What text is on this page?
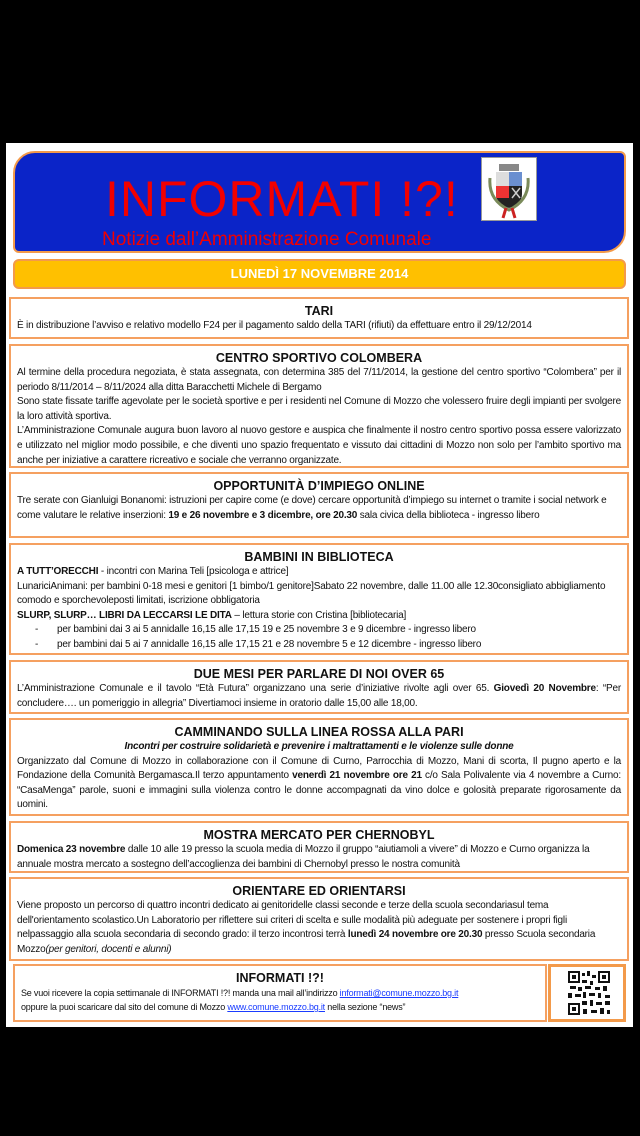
INFORMATI !?!
Notizie dall’Amministrazione Comunale
LUNEDÌ 17 NOVEMBRE 2014
TARI

È in distribuzione l’avviso e relativo modello F24 per il pagamento saldo della TARI (rifiuti) da effettuare entro il 29/12/2014

CENTRO SPORTIVO COLOMBERA

Al termine della procedura negoziata, è stata assegnata, con determina 385 del 7/11/2014, la gestione del centro sportivo “Colombera” per il periodo 8/11/2014 – 8/11/2024 alla ditta Baracchetti Michele di Bergamo

Sono state fissate tariffe agevolate per le società sportive e per i residenti nel Comune di Mozzo che volessero fruire degli impianti per svolgere la loro attività sportiva.

L’Amministrazione Comunale augura buon lavoro al nuovo gestore e auspica che finalmente il nostro centro sportivo possa essere valorizzato e utilizzato nel miglior modo possibile, e che diventi uno spazio frequentato e vissuto dai cittadini di Mozzo non solo per l’ambito sportivo ma anche per iniziative a carattere ricreativo e sociale che verranno organizzate.

OPPORTUNITÀ D’IMPIEGO ONLINE

Tre serate con Gianluigi Bonanomi: istruzioni per capire come (e dove) cercare opportunità d’impiego su internet o tramite i social network e come valutare le relative inserzioni: 19 e 26 novembre e 3 dicembre, ore 20.30 sala civica della biblioteca - ingresso libero

BAMBINI IN BIBLIOTECA

A TUTT’ORECCHI - incontri con Marina Teli [psicologa e attrice]

LunariciAnimani: per bambini 0-18 mesi e genitori [1 bimbo/1 genitore]Sabato 22 novembre, dalle 11.00 alle 12.30consigliato abbigliamento comodo e sporchevoleposti limitati, iscrizione obbligatoria

SLURP, SLURP… LIBRI DA LECCARSI LE DITA – lettura storie con Cristina [bibliotecaria]

- per bambini dai 3 ai 5 annidalle 16,15 alle 17,15 19 e 25 novembre 3 e 9 dicembre - ingresso libero
- per bambini dai 5 ai 7 annidalle 16,15 alle 17,15 21 e 28 novembre 5 e 12 dicembre - ingresso libero
DUE MESI PER PARLARE DI NOI OVER 65

L’Amministrazione Comunale e il tavolo “Età Futura” organizzano una serie d’iniziative rivolte agli over 65. Giovedì 20 Novembre: “Per concludere…. un pomeriggio in allegria” Divertiamoci insieme in oratorio dalle 15,00 alle 18,00.

CAMMINANDO SULLA LINEA ROSSA ALLA PARI

Incontri per costruire solidarietà e prevenire i maltrattamenti e le violenze sulle donne

Organizzato dal Comune di Mozzo in collaborazione con il Comune di Curno, Parrocchia di Mozzo, Mani di scorta, Il pugno aperto e la Fondazione della Comunità Bergamasca.Il terzo appuntamento venerdì 21 novembre ore 21 c/o Sala Polivalente via 4 novembre a Curno: “CasaMenga” parole, suoni e immagini sulla violenza contro le donne accompagnati da vino dolce e golosità preparate rigorosamente da uomini.

MOSTRA MERCATO PER CHERNOBYL

Domenica 23 novembre dalle 10 alle 19 presso la scuola media di Mozzo il gruppo “aiutiamoli a vivere” di Mozzo e Curno organizza la annuale mostra mercato a sostegno dell’accoglienza dei bambini di Chernobyl presso le nostra comunità

ORIENTARE ED ORIENTARSI

Viene proposto un percorso di quattro incontri dedicato ai genitoridelle classi seconde e terze della scuola secondariasul tema dell'orientamento scolastico.Un Laboratorio per riflettere sui criteri di scelta e sulle modalità più adeguate per sostenere i propri figli nelpassaggio alla scuola secondaria di secondo grado: il terzo incontrosi terrà lunedì 24 novembre ore 20.30 presso Scuola secondaria Mozzo(per genitori, docenti e alunni)

INFORMATI !?!

Se vuoi ricevere la copia settimanale di INFORMATI !?! manda una mail all’indirizzo informati@comune.mozzo.bg.it

oppure la puoi scaricare dal sito del comune di Mozzo www.comune.mozzo.bg.it nella sezione “news”
